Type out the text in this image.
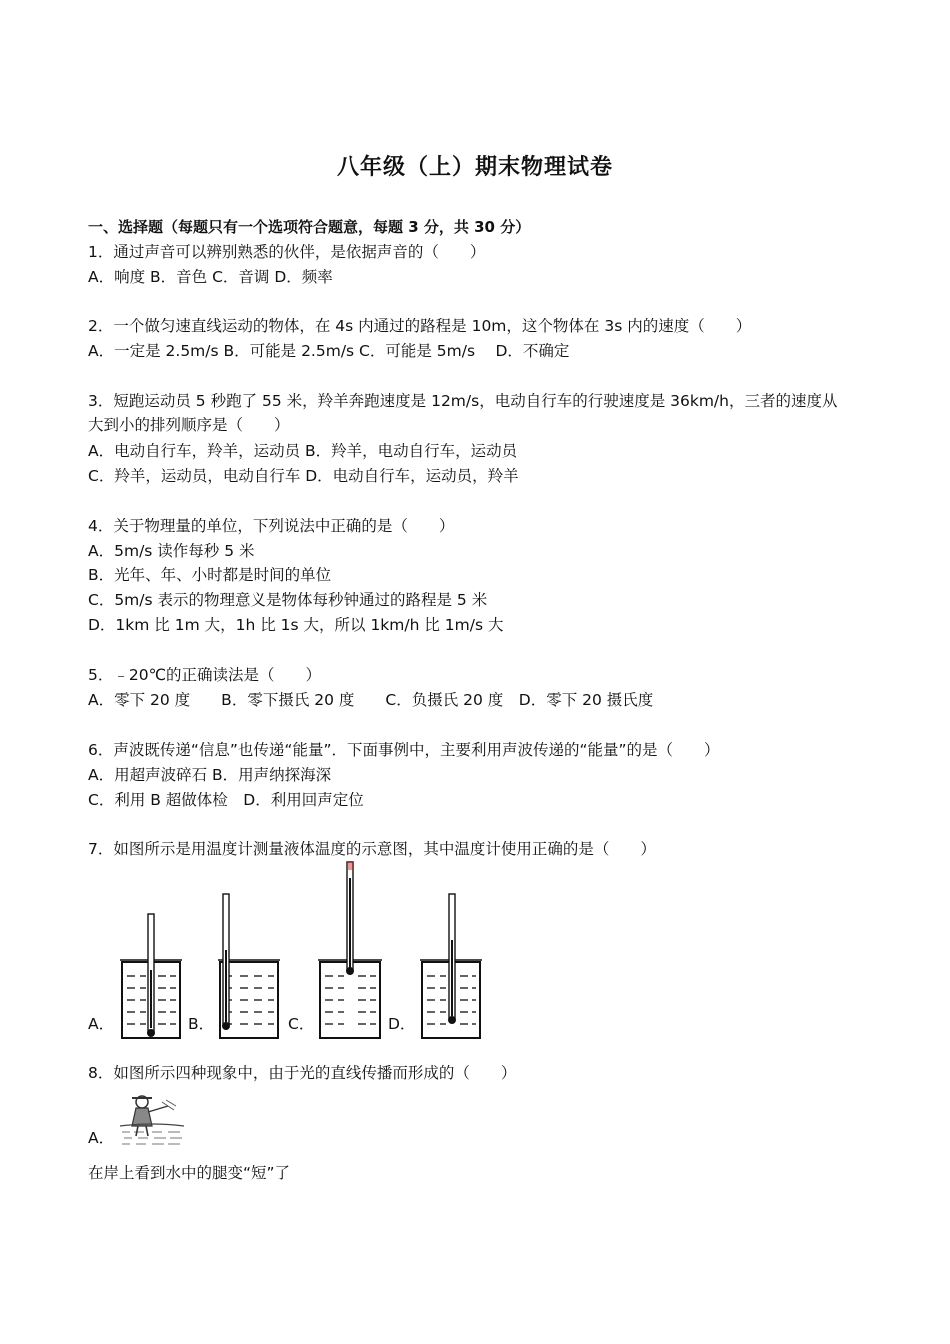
八年级（上）期末物理试卷
一、选择题（每题只有一个选项符合题意，每题 3 分，共 30 分）
1．通过声音可以辨别熟悉的伙伴，是依据声音的（　　）
A．响度 B．音色 C．音调 D．频率
2．一个做匀速直线运动的物体，在 4s 内通过的路程是 10m，这个物体在 3s 内的速度（　　）
A．一定是 2.5m/s B．可能是 2.5m/s C．可能是 5m/s 　D．不确定
3．短跑运动员 5 秒跑了 55 米，羚羊奔跑速度是 12m/s，电动自行车的行驶速度是 36km/h，三者的速度从
大到小的排列顺序是（　　）
A．电动自行车，羚羊，运动员 B．羚羊，电动自行车，运动员
C．羚羊，运动员，电动自行车 D．电动自行车，运动员，羚羊
4．关于物理量的单位，下列说法中正确的是（　　）
A．5m/s 读作每秒 5 米
B．光年、年、小时都是时间的单位
C．5m/s 表示的物理意义是物体每秒钟通过的路程是 5 米
D．1km 比 1m 大，1h 比 1s 大，所以 1km/h 比 1m/s 大
5．﹣20℃的正确读法是（　　）
A．零下 20 度　　B．零下摄氏 20 度　　C．负摄氏 20 度　D．零下 20 摄氏度
6．声波既传递“信息”也传递“能量”．下面事例中，主要利用声波传递的“能量”的是（　　）
A．用超声波碎石 B．用声纳探海深
C．利用 B 超做体检　D．利用回声定位
7．如图所示是用温度计测量液体温度的示意图，其中温度计使用正确的是（　　）
A．	B．	C．	D．
8．如图所示四种现象中，由于光的直线传播而形成的（　　）
A．
在岸上看到水中的腿变“短”了
